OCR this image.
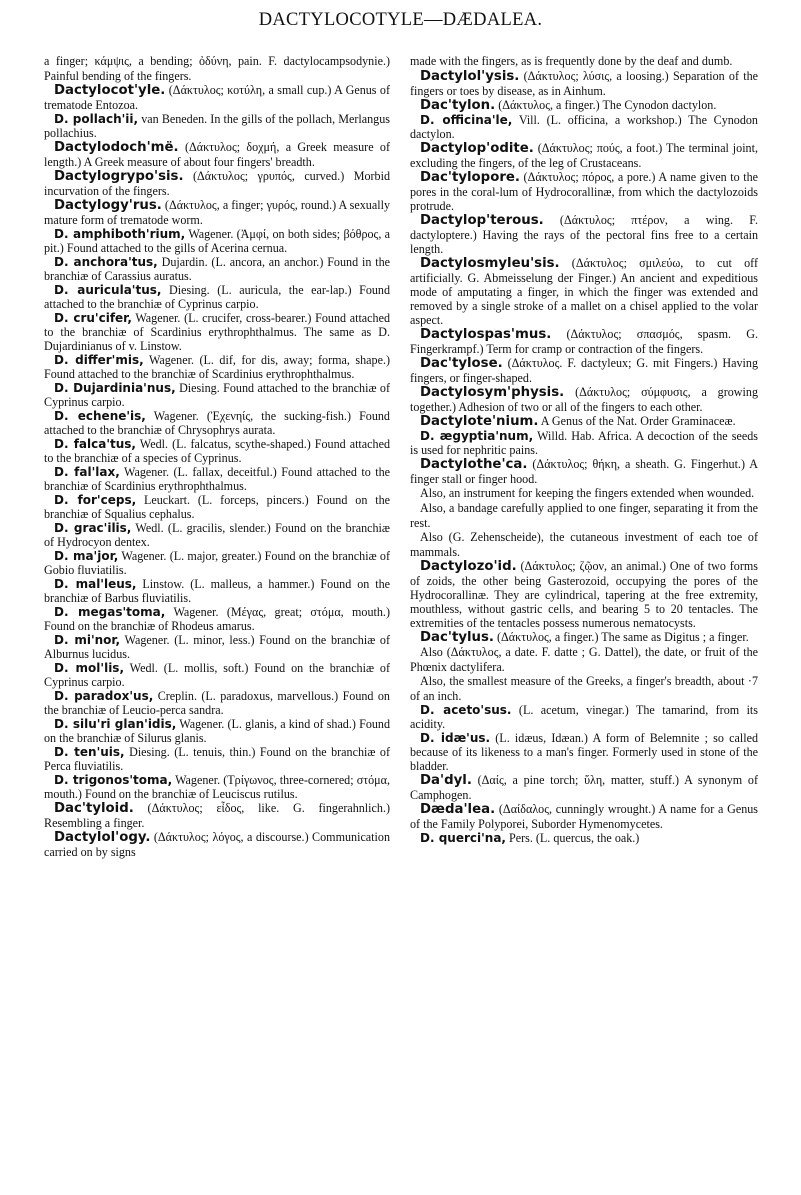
DACTYLOCOTYLE—DÆDALEA.

a finger; κάμψις, a bending; ὀδύνη, pain. F. dactylocampsodynie.) Painful bending of the fingers.

Dactylocot'yle. (Δάκτυλος; κοτύλη, a small cup.) A Genus of trematode Entozoa.

D. pollach'ii, van Beneden. In the gills of the pollach, Merlangus pollachius.

Dactylodoch'më. (Δάκτυλος; δοχμή, a Greek measure of length.) A Greek measure of about four fingers' breadth.

Dactylogrypo'sis. (Δάκτυλος; γρυπός, curved.) Morbid incurvation of the fingers.

Dactylogy'rus. (Δάκτυλος, a finger; γυρός, round.) A sexually mature form of trematode worm.

D. amphiboth'rium, Wagener. (Ἀμφί, on both sides; βόθρος, a pit.) Found attached to the gills of Acerina cernua.

D. anchora'tus, Dujardin. (L. ancora, an anchor.) Found in the branchiæ of Carassius auratus.

D. auricula'tus, Diesing. (L. auricula, the ear-lap.) Found attached to the branchiæ of Cyprinus carpio.

D. cru'cifer, Wagener. (L. crucifer, cross-bearer.) Found attached to the branchiæ of Scardinius erythrophthalmus. The same as D. Dujardinianus of v. Linstow.

D. differ'mis, Wagener. (L. dif, for dis, away; forma, shape.) Found attached to the branchiæ of Scardinius erythrophthalmus.

D. Dujardinia'nus, Diesing. Found attached to the branchiæ of Cyprinus carpio.

D. echene'is, Wagener. (Ἐχενηίς, the sucking-fish.) Found attached to the branchiæ of Chrysophrys aurata.

D. falca'tus, Wedl. (L. falcatus, scythe-shaped.) Found attached to the branchiæ of a species of Cyprinus.

D. fal'lax, Wagener. (L. fallax, deceitful.) Found attached to the branchiæ of Scardinius erythrophthalmus.

D. for'ceps, Leuckart. (L. forceps, pincers.) Found on the branchiæ of Squalius cephalus.

D. grac'ilis, Wedl. (L. gracilis, slender.) Found on the branchiæ of Hydrocyon dentex.

D. ma'jor, Wagener. (L. major, greater.) Found on the branchiæ of Gobio fluviatilis.

D. mal'leus, Linstow. (L. malleus, a hammer.) Found on the branchiæ of Barbus fluviatilis.

D. megas'toma, Wagener. (Μέγας, great; στόμα, mouth.) Found on the branchiæ of Rhodeus amarus.

D. mi'nor, Wagener. (L. minor, less.) Found on the branchiæ of Alburnus lucidus.

D. mol'lis, Wedl. (L. mollis, soft.) Found on the branchiæ of Cyprinus carpio.

D. paradox'us, Creplin. (L. paradoxus, marvellous.) Found on the branchiæ of Leucio-perca sandra.

D. silu'ri glan'idis, Wagener. (L. glanis, a kind of shad.) Found on the branchiæ of Silurus glanis.

D. ten'uis, Diesing. (L. tenuis, thin.) Found on the branchiæ of Perca fluviatilis.

D. trigonos'toma, Wagener. (Τρίγωνος, three-cornered; στόμα, mouth.) Found on the branchiæ of Leuciscus rutilus.

Dac'tyloid. (Δάκτυλος; εἶδος, like. G. fingerahnlich.) Resembling a finger.

Dactylol'ogy. (Δάκτυλος; λόγος, a discourse.) Communication carried on by signs

made with the fingers, as is frequently done by the deaf and dumb.

Dactylol'ysis. (Δάκτυλος; λύσις, a loosing.) Separation of the fingers or toes by disease, as in Ainhum.

Dac'tylon. (Δάκτυλος, a finger.) The Cynodon dactylon.

D. officina'le, Vill. (L. officina, a workshop.) The Cynodon dactylon.

Dactylop'odite. (Δάκτυλος; πούς, a foot.) The terminal joint, excluding the fingers, of the leg of Crustaceans.

Dac'tylopore. (Δάκτυλος; πόρος, a pore.) A name given to the pores in the coral-lum of Hydrocorallinæ, from which the dactylozoids protrude.

Dactylop'terous. (Δάκτυλος; πτέρον, a wing. F. dactyloptere.) Having the rays of the pectoral fins free to a certain length.

Dactylosmyleu'sis. (Δάκτυλος; σμιλεύω, to cut off artificially. G. Abmeisselung der Finger.) An ancient and expeditious mode of amputating a finger, in which the finger was extended and removed by a single stroke of a mallet on a chisel applied to the volar aspect.

Dactylospas'mus. (Δάκτυλος; σπασμός, spasm. G. Fingerkrampf.) Term for cramp or contraction of the fingers.

Dac'tylose. (Δάκτυλος. F. dactyleux; G. mit Fingers.) Having fingers, or finger-shaped.

Dactylosym'physis. (Δάκτυλος; σύμφυσις, a growing together.) Adhesion of two or all of the fingers to each other.

Dactylote'nium. A Genus of the Nat. Order Graminaceæ.

D. ægyptia'num, Willd. Hab. Africa. A decoction of the seeds is used for nephritic pains.

Dactylothe'ca. (Δάκτυλος; θήκη, a sheath. G. Fingerhut.) A finger stall or finger hood.

Also, an instrument for keeping the fingers extended when wounded.

Also, a bandage carefully applied to one finger, separating it from the rest.

Also (G. Zehenscheide), the cutaneous investment of each toe of mammals.

Dactylozo'id. (Δάκτυλος; ζῷον, an animal.) One of two forms of zoids, the other being Gasterozoid, occupying the pores of the Hydrocorallinæ. They are cylindrical, tapering at the free extremity, mouthless, without gastric cells, and bearing 5 to 20 tentacles. The extremities of the tentacles possess numerous nematocysts.

Dac'tylus. (Δάκτυλος, a finger.) The same as Digitus ; a finger.

Also (Δάκτυλος, a date. F. datte ; G. Dattel), the date, or fruit of the Phœnix dactylifera.

Also, the smallest measure of the Greeks, a finger's breadth, about ·7 of an inch.

D. aceto'sus. (L. acetum, vinegar.) The tamarind, from its acidity.

D. idæ'us. (L. idæus, Idæan.) A form of Belemnite ; so called because of its likeness to a man's finger. Formerly used in stone of the bladder.

Da'dyl. (Δαίς, a pine torch; ὕλη, matter, stuff.) A synonym of Camphogen.

Dæda'lea. (Δαίδαλος, cunningly wrought.) A name for a Genus of the Family Polyporei, Suborder Hymenomycetes.

D. querci'na, Pers. (L. quercus, the oak.)
